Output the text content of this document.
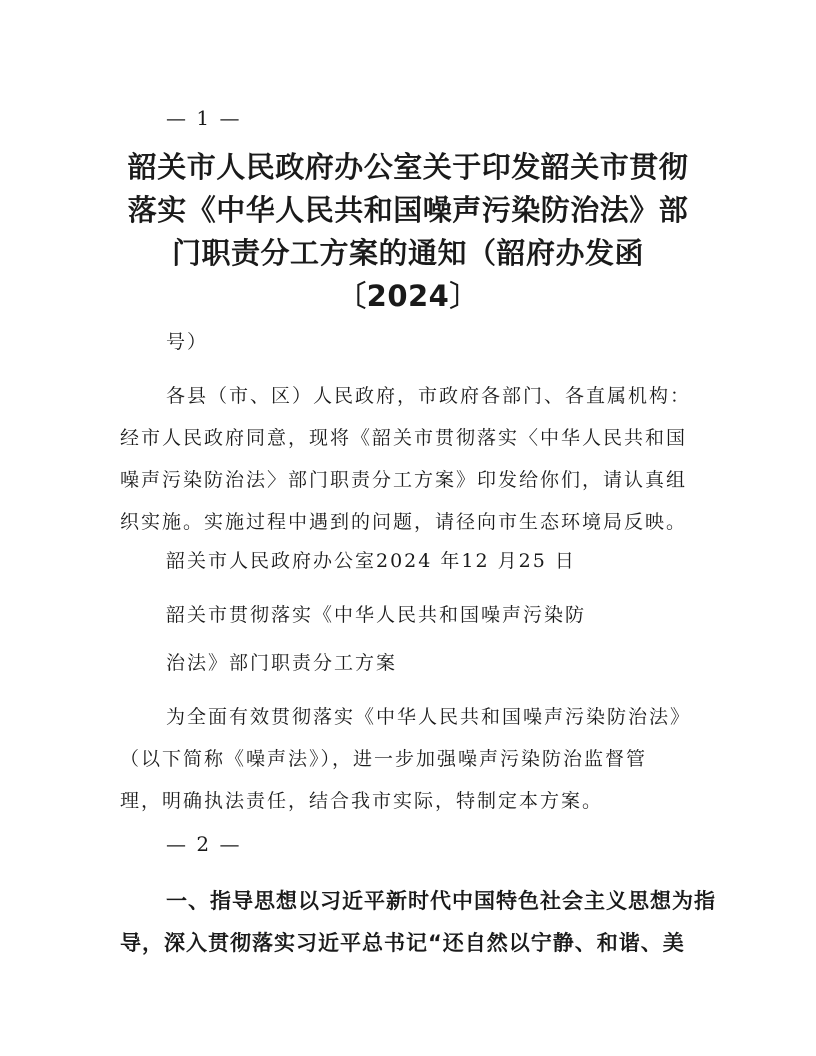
— 1 —
韶关市人民政府办公室关于印发韶关市贯彻
落实《中华人民共和国噪声污染防治法》部
门职责分工方案的通知（韶府办发函
〔2024〕
号）
各县（市、区）人民政府，市政府各部门、各直属机构：
经市人民政府同意，现将《韶关市贯彻落实〈中华人民共和国
噪声污染防治法〉部门职责分工方案》印发给你们，请认真组
织实施。实施过程中遇到的问题，请径向市生态环境局反映。
韶关市人民政府办公室2024 年12 月25 日
韶关市贯彻落实《中华人民共和国噪声污染防
治法》部门职责分工方案
为全面有效贯彻落实《中华人民共和国噪声污染防治法》
（以下简称《噪声法》），进一步加强噪声污染防治监督管
理，明确执法责任，结合我市实际，特制定本方案。
— 2 —
一、指导思想以习近平新时代中国特色社会主义思想为指
导，深入贯彻落实习近平总书记“还自然以宁静、和谐、美
